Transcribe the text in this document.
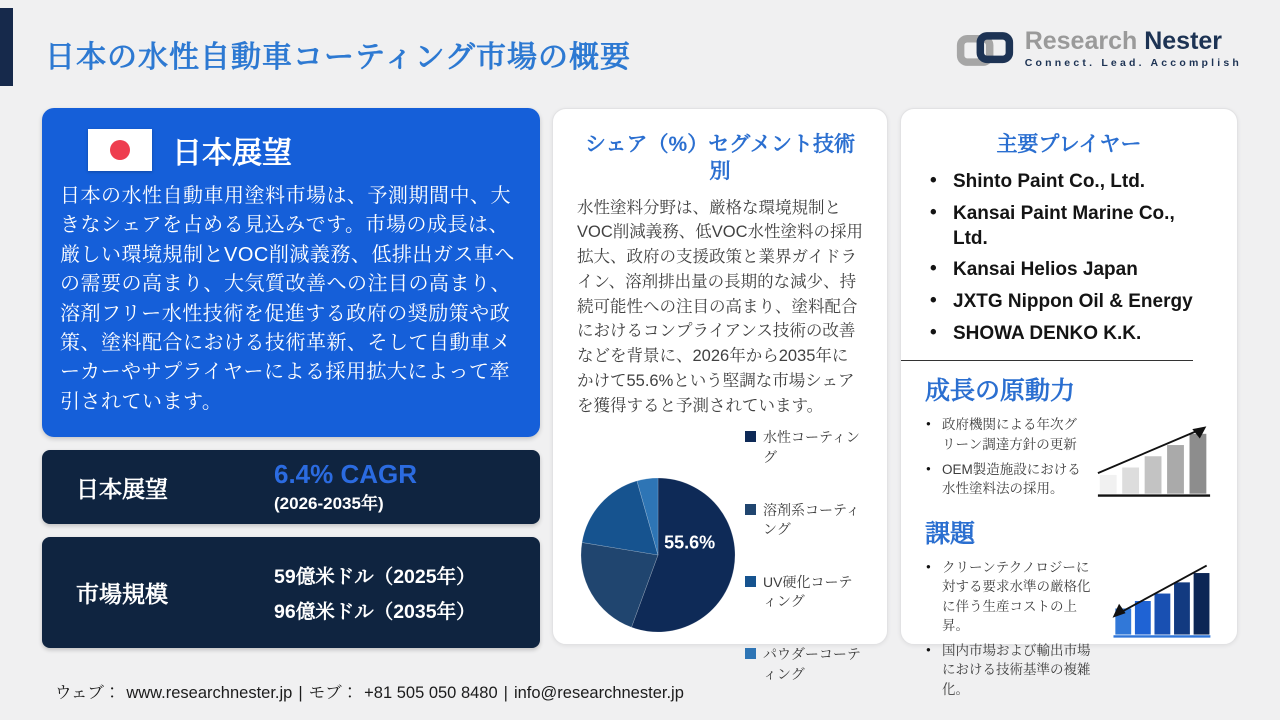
日本の水性自動車コーティング市場の概要
Research Nester
Connect. Lead. Accomplish
日本展望

日本の水性自動車用塗料市場は、予測期間中、大きなシェアを占める見込みです。市場の成長は、厳しい環境規制とVOC削減義務、低排出ガス車への需要の高まり、大気質改善への注目の高まり、溶剤フリー水性技術を促進する政府の奨励策や政策、塗料配合における技術革新、そして自動車メーカーやサプライヤーによる採用拡大によって牽引されています。

日本展望	6.4% CAGR
(2026-2035年)
市場規模
59億米ドル（2025年）
96億米ドル（2035年）
シェア（%）セグメント技術別

水性塗料分野は、厳格な環境規制とVOC削減義務、低VOC水性塗料の採用拡大、政府の支援政策と業界ガイドライン、溶剤排出量の長期的な減少、持続可能性への注目の高まり、塗料配合におけるコンプライアンス技術の改善などを背景に、2026年から2035年にかけて55.6%という堅調な市場シェアを獲得すると予測されています。

55.6%
水性コーティング
溶剤系コーティング
UV硬化コーティング
パウダーコーティング
主要プレイヤー
• Shinto Paint Co., Ltd.
• Kansai Paint Marine Co., Ltd.
• Kansai Helios Japan
• JXTG Nippon Oil & Energy
• SHOWA DENKO K.K.
成長の原動力
● 政府機関による年次グリーン調達方針の更新
● OEM製造施設における水性塗料法の採用。
課題
● クリーンテクノロジーに対する要求水準の厳格化に伴う生産コストの上昇。
● 国内市場および輸出市場における技術基準の複雑化。
ウェブ： www.researchnester.jp | モブ： +81 505 050 8480 | info@researchnester.jp
